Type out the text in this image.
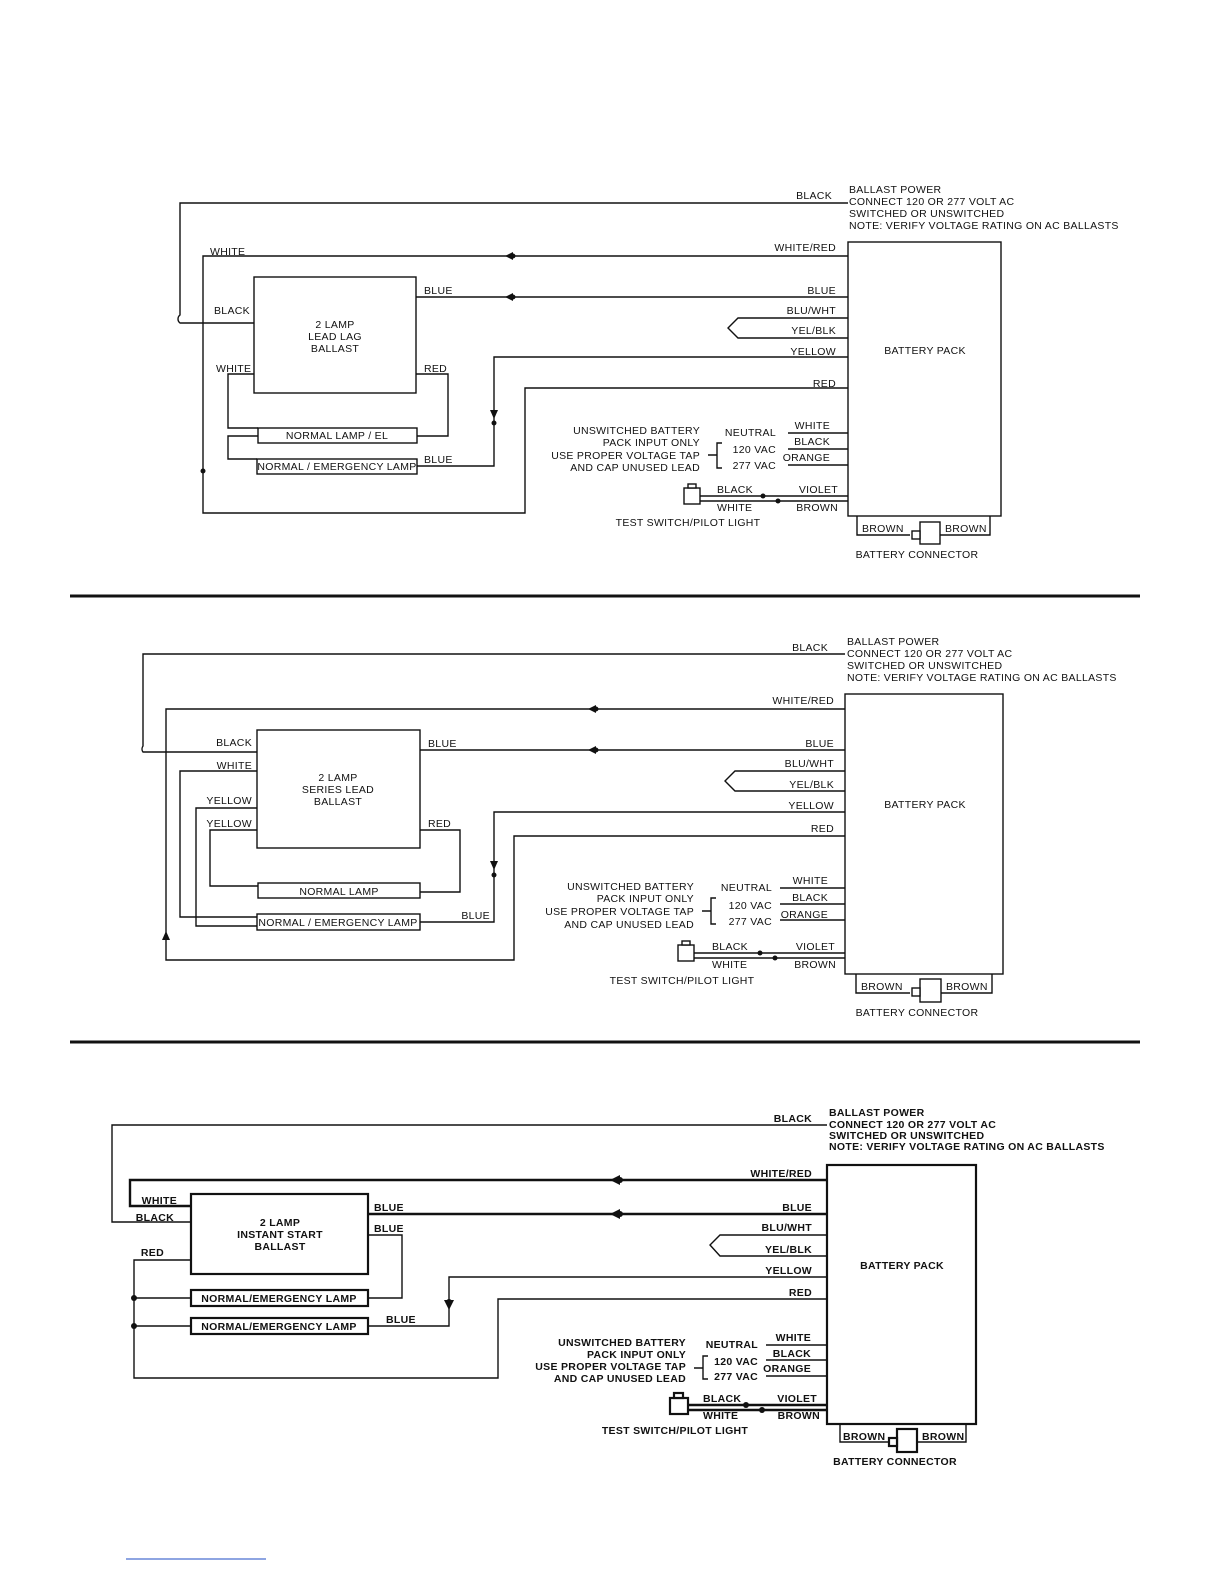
BATTERY PACK
2 LAMP
LEAD LAG
BALLAST
NORMAL LAMP / EL
NORMAL / EMERGENCY LAMP
BLACK BALLAST POWER
CONNECT 120 OR 277 VOLT AC
SWITCHED OR UNSWITCHED
NOTE: VERIFY VOLTAGE RATING ON AC BALLASTS
WHITE/RED
WHITE
RED
BLUE	BLUE
BLU/WHT
YEL/BLK
YELLOW
BLUE
BLACK
WHITE	RED
WHITE
BLACK
ORANGE
NEUTRAL
120 VAC
277 VAC
UNSWITCHED BATTERY
PACK INPUT ONLY
USE PROPER VOLTAGE TAP
AND CAP UNUSED LEAD
BLACK
WHITE
VIOLET
BROWN
TEST SWITCH/PILOT LIGHT	BROWN	BROWN
BATTERY CONNECTOR
BATTERY PACK
2 LAMP
SERIES LEAD
BALLAST
NORMAL LAMP
NORMAL / EMERGENCY LAMP
BLACK BALLAST POWER
CONNECT 120 OR 277 VOLT AC
SWITCHED OR UNSWITCHED
NOTE: VERIFY VOLTAGE RATING ON AC BALLASTS
BLACK
WHITE/RED
RED
BLUE	BLUE
BLU/WHT
YEL/BLK
YELLOW
BLUE
WHITE
YELLOW
YELLOW	RED
WHITE
BLACK
ORANGE
NEUTRAL
120 VAC
277 VAC
UNSWITCHED BATTERY
PACK INPUT ONLY
USE PROPER VOLTAGE TAP
AND CAP UNUSED LEAD
BLACK
WHITE
VIOLET
BROWN
TEST SWITCH/PILOT LIGHT	BROWN	BROWN
BATTERY CONNECTOR
BATTERY PACK
2 LAMP
INSTANT START
BALLAST
NORMAL/EMERGENCY LAMP
NORMAL/EMERGENCY LAMP
BLACK BALLAST POWER
CONNECT 120 OR 277 VOLT AC
SWITCHED OR UNSWITCHED
NOTE: VERIFY VOLTAGE RATING ON AC BALLASTS
BLACK
WHITE/RED
WHITE
BLUE	BLUE
BLU/WHT
YEL/BLK
YELLOW
BLUE
RED
RED
BLUE
WHITE
BLACK
ORANGE
NEUTRAL
120 VAC
277 VAC
UNSWITCHED BATTERY
PACK INPUT ONLY
USE PROPER VOLTAGE TAP
AND CAP UNUSED LEAD
BLACK
WHITE
VIOLET
BROWN
TEST SWITCH/PILOT LIGHT	BROWN	BROWN
BATTERY CONNECTOR
